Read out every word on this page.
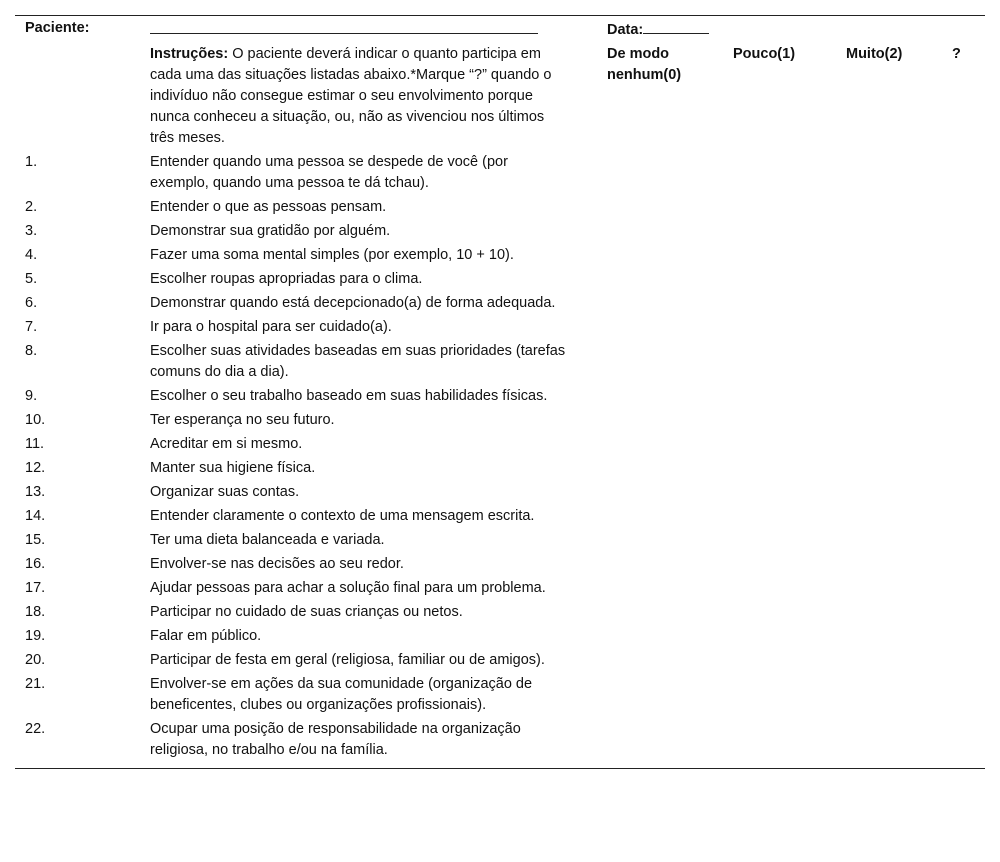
Paciente:		Data:			
	Instruções: O paciente deverá indicar o quanto participa em cada uma das situações listadas abaixo.*Marque “?” quando o indivíduo não consegue estimar o seu envolvimento porque nunca conheceu a situação, ou, não as vivenciou nos últimos três meses.	De modo nenhum(0)	Pouco(1)	Muito(2)	?
1.	Entender quando uma pessoa se despede de você (por exemplo, quando uma pessoa te dá tchau).				
2.	Entender o que as pessoas pensam.				
3.	Demonstrar sua gratidão por alguém.				
4.	Fazer uma soma mental simples (por exemplo, 10 + 10).				
5.	Escolher roupas apropriadas para o clima.				
6.	Demonstrar quando está decepcionado(a) de forma adequada.				
7.	Ir para o hospital para ser cuidado(a).				
8.	Escolher suas atividades baseadas em suas prioridades (tarefas comuns do dia a dia).				
9.	Escolher o seu trabalho baseado em suas habilidades físicas.				
10.	Ter esperança no seu futuro.				
11.	Acreditar em si mesmo.				
12.	Manter sua higiene física.				
13.	Organizar suas contas.				
14.	Entender claramente o contexto de uma mensagem escrita.				
15.	Ter uma dieta balanceada e variada.				
16.	Envolver-se nas decisões ao seu redor.				
17.	Ajudar pessoas para achar a solução final para um problema.				
18.	Participar no cuidado de suas crianças ou netos.				
19.	Falar em público.				
20.	Participar de festa em geral (religiosa, familiar ou de amigos).				
21.	Envolver-se em ações da sua comunidade (organização de beneficentes, clubes ou organizações profissionais).				
22.	Ocupar uma posição de responsabilidade na organização religiosa, no trabalho e/ou na família.				
